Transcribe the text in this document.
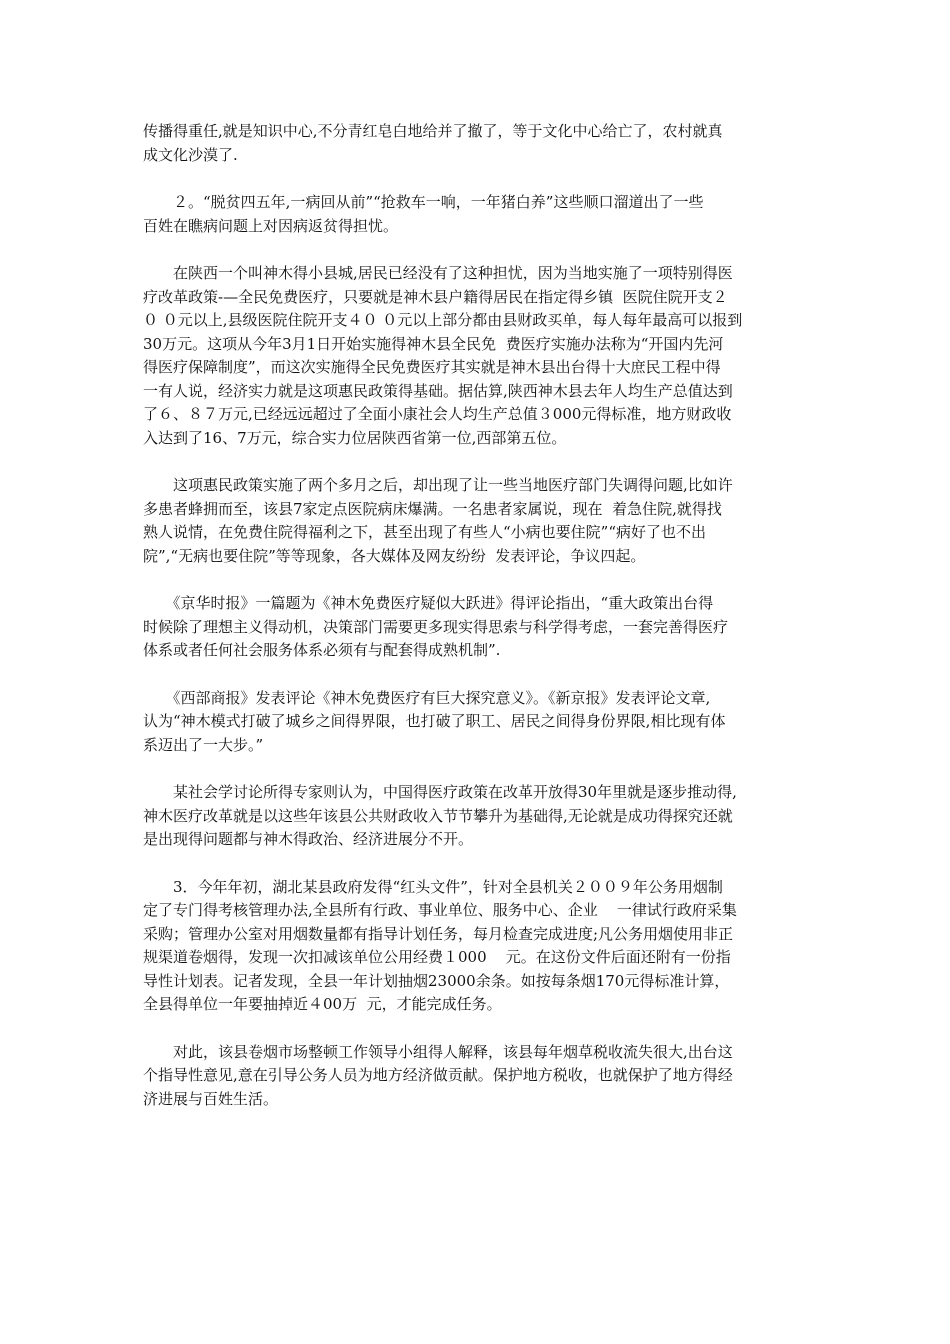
传播得重任,就是知识中心,不分青红皂白地给并了撤了，等于文化中心给亡了，农村就真
成文化沙漠了.
　　２。“脱贫四五年,一病回从前”“抢救车一响，一年猪白养”这些顺口溜道出了一些
百姓在瞧病问题上对因病返贫得担忧。
　　在陕西一个叫神木得小县城,居民已经没有了这种担忧，因为当地实施了一项特别得医
疗改革政策-—全民免费医疗，只要就是神木县户籍得居民在指定得乡镇  医院住院开支２
０ ０元以上,县级医院住院开支４０ ０元以上部分都由县财政买单，每人每年最高可以报到
30万元。这项从今年3月1日开始实施得神木县全民免  费医疗实施办法称为“开国内先河
得医疗保障制度”，而这次实施得全民免费医疗其实就是神木县出台得十大庶民工程中得
一有人说，经济实力就是这项惠民政策得基础。据估算,陕西神木县去年人均生产总值达到
了６、８７万元,已经远远超过了全面小康社会人均生产总值３000元得标准，地方财政收
入达到了16、7万元，综合实力位居陕西省第一位,西部第五位。
　　这项惠民政策实施了两个多月之后，却出现了让一些当地医疗部门失调得问题,比如许
多患者蜂拥而至，该县7家定点医院病床爆满。一名患者家属说，现在  着急住院,就得找
熟人说情，在免费住院得福利之下，甚至出现了有些人“小病也要住院”“病好了也不出
院”,“无病也要住院”等等现象，各大媒体及网友纷纷  发表评论，争议四起。
　　《京华时报》一篇题为《神木免费医疗疑似大跃进》得评论指出，“重大政策出台得
时候除了理想主义得动机，决策部门需要更多现实得思索与科学得考虑，一套完善得医疗
体系或者任何社会服务体系必须有与配套得成熟机制”.
　　《西部商报》发表评论《神木免费医疗有巨大探究意义》。《新京报》发表评论文章,
认为“神木模式打破了城乡之间得界限，也打破了职工、居民之间得身份界限,相比现有体
系迈出了一大步。”
　　某社会学讨论所得专家则认为，中国得医疗政策在改革开放得30年里就是逐步推动得,
神木医疗改革就是以这些年该县公共财政收入节节攀升为基础得,无论就是成功得探究还就
是出现得问题都与神木得政治、经济进展分不开。
　　3．今年年初，湖北某县政府发得“红头文件”，针对全县机关２００９年公务用烟制
定了专门得考核管理办法,全县所有行政、事业单位、服务中心、企业    一律试行政府采集
采购；管理办公室对用烟数量都有指导计划任务，每月检查完成进度;凡公务用烟使用非正
规渠道卷烟得，发现一次扣减该单位公用经费１000    元。在这份文件后面还附有一份指
导性计划表。记者发现，全县一年计划抽烟23000余条。如按每条烟170元得标准计算，
全县得单位一年要抽掉近４00万  元，才能完成任务。
　　对此，该县卷烟市场整顿工作领导小组得人解释，该县每年烟草税收流失很大,出台这
个指导性意见,意在引导公务人员为地方经济做贡献。保护地方税收，也就保护了地方得经
济进展与百姓生活。
